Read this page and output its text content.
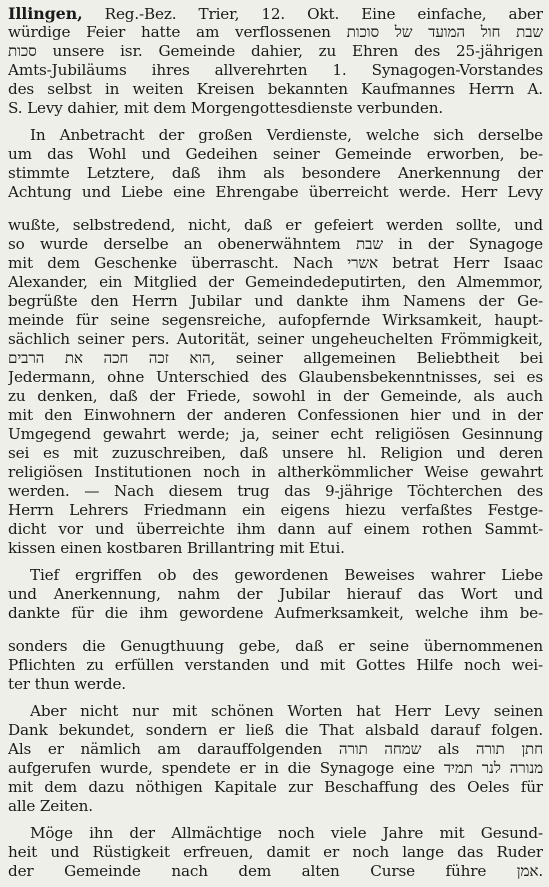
Illingen, Reg.-Bez. Trier, 12. Okt. Eine einfache, aber
würdige Feier hatte am verflossenen שבת חול המועד של סוכות
סכות unsere isr. Gemeinde dahier, zu Ehren des 25-jährigen
Amts-Jubiläums ihres allverehrten 1. Synagogen-Vorstandes
des selbst in weiten Kreisen bekannten Kaufmannes Herrn A.
S. Levy dahier, mit dem Morgengottesdienste verbunden.
In Anbetracht der großen Verdienste, welche sich derselbe
um das Wohl und Gedeihen seiner Gemeinde erworben, be-
stimmte Letztere, daß ihm als besondere Anerkennung der
Achtung und Liebe eine Ehrengabe überreicht werde. Herr Levy
wußte, selbstredend, nicht, daß er gefeiert werden sollte, und
so wurde derselbe an obenerwähntem שבת in der Synagoge
mit dem Geschenke überrascht. Nach אשרי betrat Herr Isaac
Alexander, ein Mitglied der Gemeindedeputirten, den Almemmor,
begrüßte den Herrn Jubilar und dankte ihm Namens der Ge-
meinde für seine segensreiche, aufopfernde Wirksamkeit, haupt-
sächlich seiner pers. Autorität, seiner ungeheuchelten Frömmigkeit,
הוא זכה חכה את הרבים, seiner allgemeinen Beliebtheit bei
Jedermann, ohne Unterschied des Glaubensbekenntnisses, sei es
zu denken, daß der Friede, sowohl in der Gemeinde, als auch
mit den Einwohnern der anderen Confessionen hier und in der
Umgegend gewahrt werde; ja, seiner echt religiösen Gesinnung
sei es mit zuzuschreiben, daß unsere hl. Religion und deren
religiösen Institutionen noch in altherkömmlicher Weise gewahrt
werden. — Nach diesem trug das 9-jährige Töchterchen des
Herrn Lehrers Friedmann ein eigens hiezu verfaßtes Festge-
dicht vor und überreichte ihm dann auf einem rothen Sammt-
kissen einen kostbaren Brillantring mit Etui.
Tief ergriffen ob des gewordenen Beweises wahrer Liebe
und Anerkennung, nahm der Jubilar hierauf das Wort und
dankte für die ihm gewordene Aufmerksamkeit, welche ihm be-
sonders die Genugthuung gebe, daß er seine übernommenen
Pflichten zu erfüllen verstanden und mit Gottes Hilfe noch wei-
ter thun werde.
Aber nicht nur mit schönen Worten hat Herr Levy seinen
Dank bekundet, sondern er ließ die That alsbald darauf folgen.
Als er nämlich am darauffolgenden שמחה תורה als חתן תורה
aufgerufen wurde, spendete er in die Synagoge eine מנורה לנר תמיד
mit dem dazu nöthigen Kapitale zur Beschaffung des Oeles für
alle Zeiten.
Möge ihn der Allmächtige noch viele Jahre mit Gesund-
heit und Rüstigkeit erfreuen, damit er noch lange das Ruder
der Gemeinde nach dem alten Curse führe אמן.
